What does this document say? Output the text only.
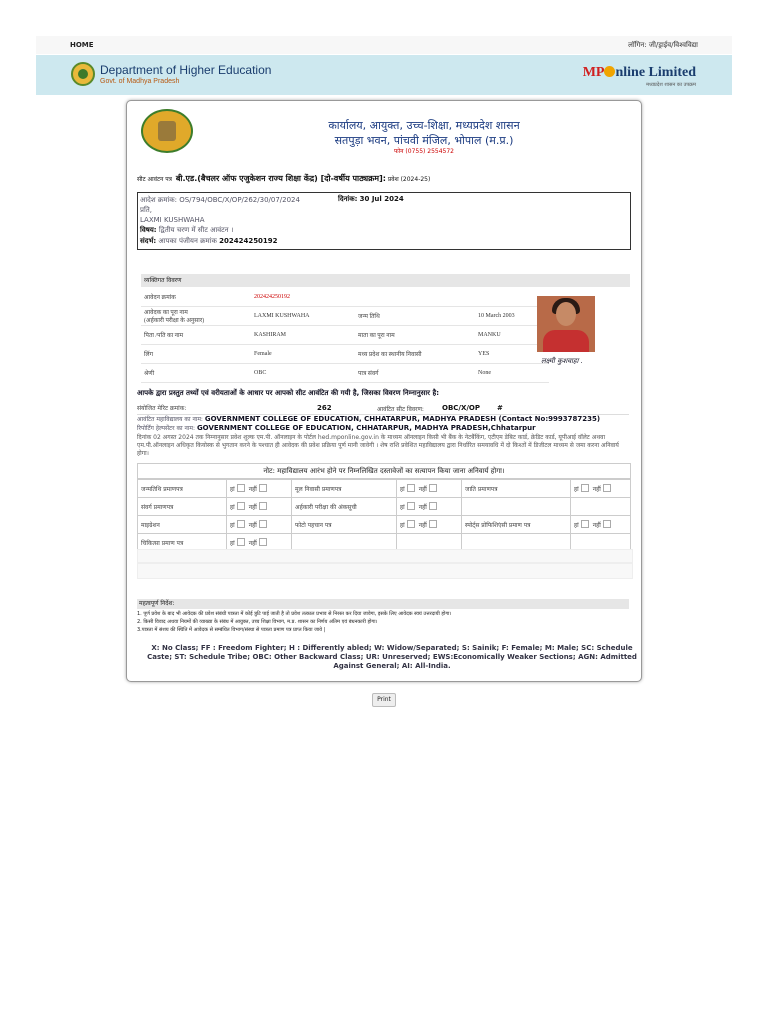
HOME	लॉगिन: जी/ड्राईव/विश्वविद्या
Department of Higher Education
Govt. of Madhya Pradesh
MP nline Limited
मध्यप्रदेश शासन का उपक्रम
कार्यालय, आयुक्त, उच्च-शिक्षा, मध्यप्रदेश शासन
सतपुड़ा भवन, पांचवी मंजिल, भोपाल (म.प्र.)
फोन (0755) 2554572
सीट आवंटन पत्र बी.एड.(बैचलर ऑफ एजुकेशन राज्य शिक्षा केंद्र) [दो-वर्षीय पाठ्यक्रम]: प्रवेश (2024-25)
आदेश क्रमांक: OS/794/OBC/X/OP/262/30/07/2024	दिनांक: 30 Jul 2024
प्रति,
LAXMI KUSHWAHA
विषय: द्वितीय चरण में सीट आवंटन ।
संदर्भ: आपका पंजीयन क्रमांक 202424250192
व्यक्तिगत विवरण
आवेदन क्रमांक	202424250192		

आवेदक का पूरा नाम
(अर्हकारी परीक्षा के अनुसार)	LAXMI KUSHWAHA	जन्म तिथि	10 March 2003
पिता /पति का नाम	KASHIRAM	माता का पूरा नाम	MANKU
लिंग	Female	मध्य प्रदेश का स्थानीय निवासी	YES
श्रेणी	OBC	पात्र संवर्ग	None
लक्ष्मी कुशवाहा .
आपके द्वारा प्रस्तुत तथ्यों एवं वरीयताओं के आधार पर आपको सीट आवंटित की गयी है, जिसका विवरण निम्नानुसार है:
संयोजित मेरिट क्रमांक:	262	आवंटित सीट विवरण:	OBC/X/OP #
आवंटित महाविद्यालय का नाम: GOVERNMENT COLLEGE OF EDUCATION, CHHATARPUR, MADHYA PRADESH (Contact No:9993787235)
रिपोर्टिंग हेल्पसेंटर का नाम: GOVERNMENT COLLEGE OF EDUCATION, CHHATARPUR, MADHYA PRADESH,Chhatarpur
दिनांक 02 अगस्त 2024 तक निम्नानुसार प्रवेश शुल्क एम.पी. ऑनलाइन के पोर्टल hed.mponline.gov.in के माध्यम ऑनलाइन किसी भी बैंक के नेटबैंकिंग, एटीएम डेबिट कार्ड, क्रेडिट कार्ड, यूपीआई वॉलेट अथवा एम.पी.ऑनलाइन अधिकृत कियोस्क से भुगतान करने के पश्चात ही आवेदक की प्रवेश प्रक्रिया पूर्ण मानी जावेगी । शेष राशि प्रवेशित महाविद्यालय द्वारा निर्धारित समयावधि में दो किश्तों में डिजीटल माध्यम से जमा करना अनिवार्य होगा।
नोट: महाविद्यालय आरंभ होने पर निम्नलिखित दस्तावेजों का सत्यापन किया जाना अनिवार्य होगा।
जन्मतिथि प्रमाणपत्र	हां नहीं	मूल निवासी प्रमाणपत्र	हां नहीं	जाति प्रमाणपत्र	हां नहीं
संवर्ग प्रमाणपत्र	हां नहीं	अर्हकारी परीक्षा की अंकसूची	हां नहीं		
माइग्रेशन	हां नहीं	फोटो पहचान पत्र	हां नहीं	स्पोर्ट्स प्रोफिशिएंसी प्रमाण पत्र	हां नहीं
चिकित्सा प्रमाण पत्र	हां नहीं				
महत्वपूर्ण निर्देश:
1. पूर्ण प्रवेश के बाद भी आवेदक की प्रवेश संबंधी पात्रता में कोई त्रुटि पाई जाती है तो प्रवेश तत्काल प्रभाव से निरस्त कर दिया जावेगा, इसके लिए आवेदक स्वयं उत्तरदायी होगा।
2. किसी विवाद अथवा नियमों की व्याख्या के संबंध में आयुक्त, उच्च शिक्षा विभाग, म.प्र. शासन का निर्णय अंतिम एवं बंधनकारी होगा।
3.पात्रता में संशय की स्थिति में आवेदक से सम्बंधित विभाग/संस्था से पात्रता प्रमाण पत्र प्राप्त किया जाये |
X: No Class; FF : Freedom Fighter; H : Differently abled; W: Widow/Separated; S: Sainik; F: Female; M: Male; SC: Schedule Caste; ST: Schedule Tribe; OBC: Other Backward Class; UR: Unreserved; EWS:Economically Weaker Sections; AGN: Admitted Against General; AI: All-India.
Print
